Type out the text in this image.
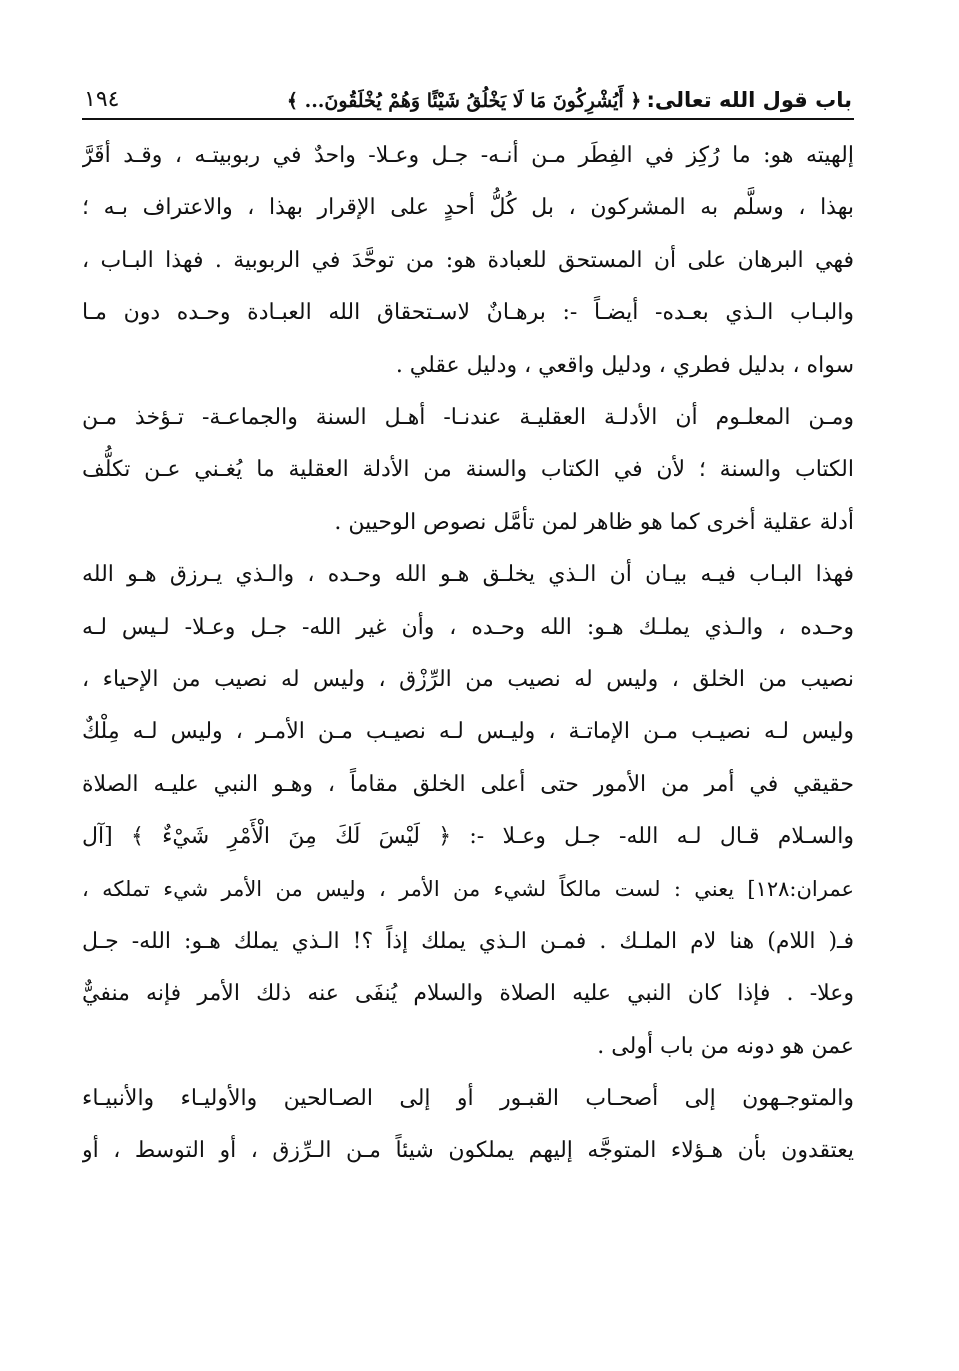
باب قول الله تعالى: ﴿ أَيُشْرِكُونَ مَا لَا يَخْلُقُ شَيْئًا وَهُمْ يُخْلَقُونَ... ﴾
١٩٤
إلهيته هو: ما رُكِز في الفِطَر مـن أنـه- جـل وعـلا- واحدٌ في ربوبيتـه ، وقـد أقَرَّ
بهذا ، وسلَّم به المشركون ، بل كُلُّ أحدٍ على الإقرار بهذا ، والاعتراف بـه ؛
فهي البرهان على أن المستحق للعبادة هو: من توحَّدَ في الربوبية . فهذا البـاب ،
والبـاب الـذي بعـده- أيضـاً -: برهـانٌ لاسـتحقاق الله العبـادة وحـده دون مـا
سواه ، بدليل فطري ، ودليل واقعي ، ودليل عقلي .
ومـن المعلـوم أن الأدلـة العقليـة عندنـا- أهـل السنة والجماعـة- تـؤخذ مـن
الكتاب والسنة ؛ لأن في الكتاب والسنة من الأدلة العقلية ما يُغـني عـن تكلُّف
أدلة عقلية أخرى كما هو ظاهر لمن تأمَّل نصوص الوحيين .
فهذا البـاب فيـه بيـان أن الـذي يخلـق هـو الله وحـده ، والـذي يـرزق هـو الله
وحـده ، والـذي يملـك هـو: الله وحـده ، وأن غير الله- جـل وعـلا- لـيس لـه
نصيب من الخلق ، وليس له نصيب من الرِّزْق ، وليس له نصيب من الإحياء ،
وليس لـه نصيـب مـن الإماتـة ، وليـس لـه نصيـب مـن الأمـر ، وليس لـه مِلْكٌ
حقيقي في أمر من الأمور حتى أعلى الخلق مقاماً ، وهـو النبي عليـه الصلاة
والسـلام قـال لـه الله- جـل وعـلا -: ﴿ لَيْسَ لَكَ مِنَ الْأَمْرِ شَيْءٌ ﴾ [آل
عمران:١٢٨] يعني : لست مالكاً لشيء من الأمر ، وليس من الأمر شيء تملكه ،
فـ( اللام) هنا لام الملـك . فمـن الـذي يملك إذاً ؟! الـذي يملك هـو: الله- جـل
وعلا- . فإذا كان النبي عليه الصلاة والسلام يُنفَى عنه ذلك الأمر فإنه منفيٌّ
عمن هو دونه من باب أولى .
والمتوجـهون إلى أصحـاب القبـور أو إلى الصـالحين والأوليـاء والأنبيـاء
يعتقدون بأن هـؤلاء المتوجَّه إليهم يملكون شيئاً مـن الـرِّزق ، أو التوسط ، أو
